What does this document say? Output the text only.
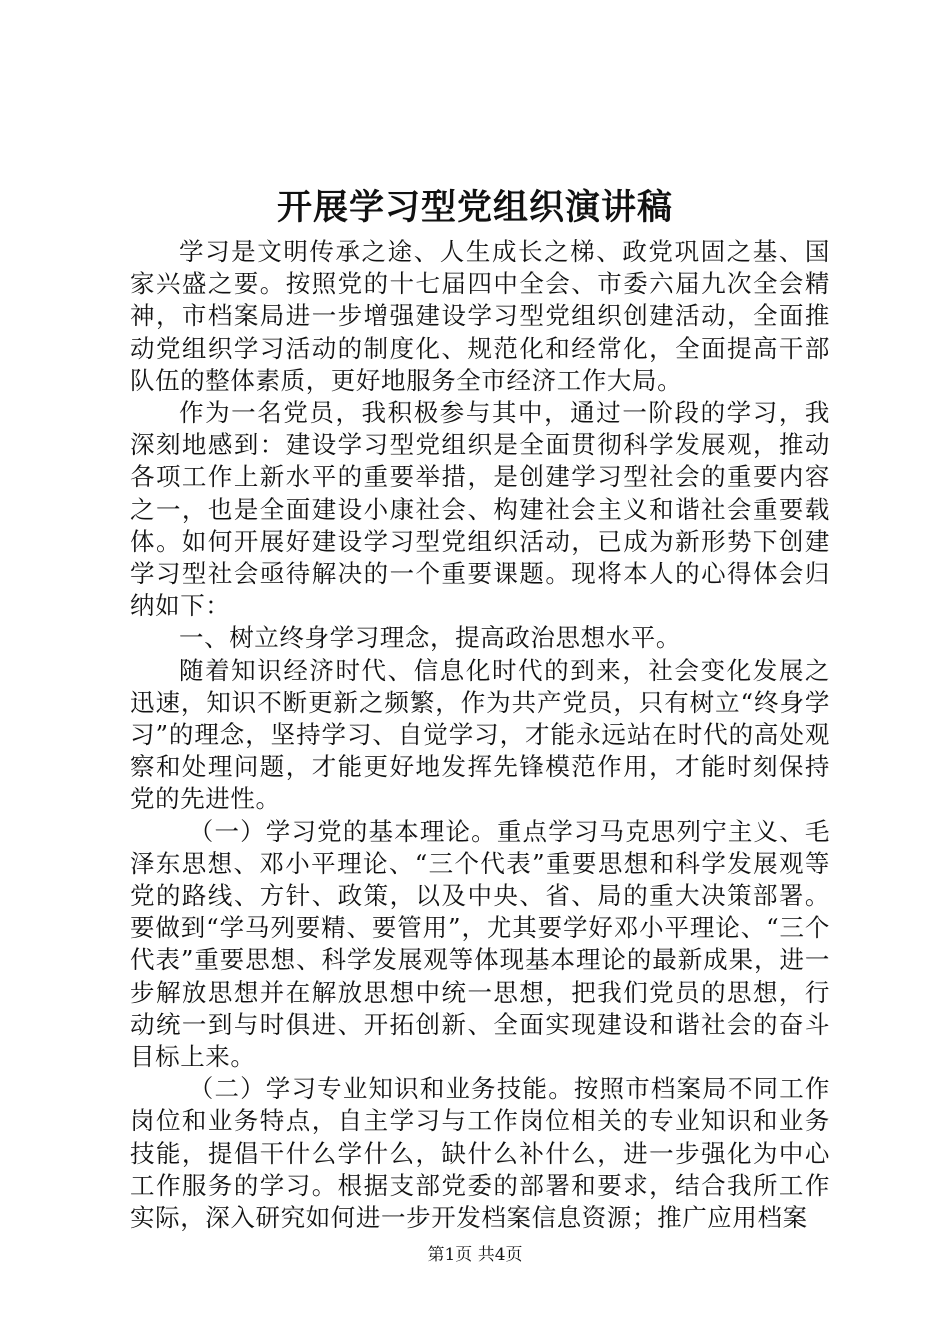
开展学习型党组织演讲稿

学习是文明传承之途、人生成长之梯、政党巩固之基、国家兴盛之要。按照党的十七届四中全会、市委六届九次全会精神，市档案局进一步增强建设学习型党组织创建活动，全面推动党组织学习活动的制度化、规范化和经常化，全面提高干部队伍的整体素质，更好地服务全市经济工作大局。

作为一名党员，我积极参与其中，通过一阶段的学习，我深刻地感到：建设学习型党组织是全面贯彻科学发展观，推动各项工作上新水平的重要举措，是创建学习型社会的重要内容之一，也是全面建设小康社会、构建社会主义和谐社会重要载体。如何开展好建设学习型党组织活动，已成为新形势下创建学习型社会亟待解决的一个重要课题。现将本人的心得体会归纳如下：

一、树立终身学习理念，提高政治思想水平。

随着知识经济时代、信息化时代的到来，社会变化发展之迅速，知识不断更新之频繁，作为共产党员，只有树立“终身学习”的理念，坚持学习、自觉学习，才能永远站在时代的高处观察和处理问题，才能更好地发挥先锋模范作用，才能时刻保持党的先进性。

（一）学习党的基本理论。重点学习马克思列宁主义、毛泽东思想、邓小平理论、“三个代表”重要思想和科学发展观等党的路线、方针、政策，以及中央、省、局的重大决策部署。要做到“学马列要精、要管用”，尤其要学好邓小平理论、“三个代表”重要思想、科学发展观等体现基本理论的最新成果，进一步解放思想并在解放思想中统一思想，把我们党员的思想，行动统一到与时俱进、开拓创新、全面实现建设和谐社会的奋斗目标上来。

（二）学习专业知识和业务技能。按照市档案局不同工作岗位和业务特点，自主学习与工作岗位相关的专业知识和业务技能，提倡干什么学什么，缺什么补什么，进一步强化为中心工作服务的学习。根据支部党委的部署和要求，结合我所工作实际，深入研究如何进一步开发档案信息资源；推广应用档案

第1页 共4页
